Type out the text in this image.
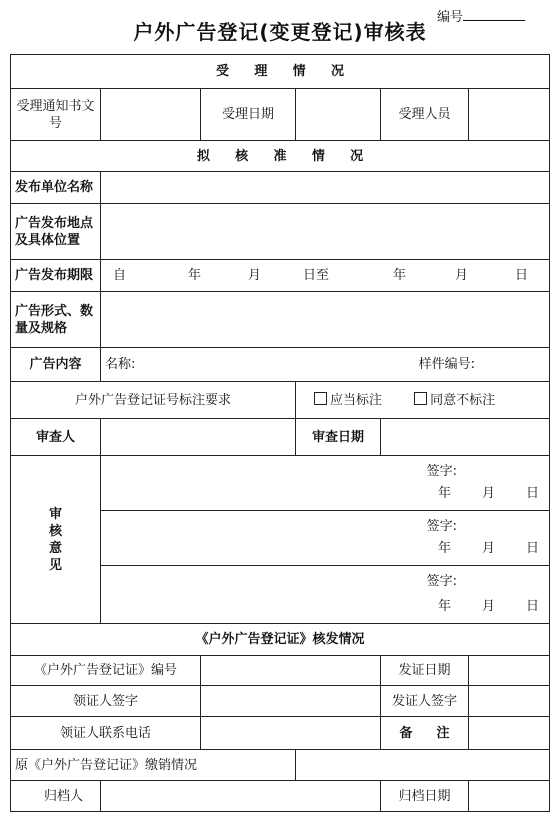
编号
户外广告登记(变更登记)审核表
受 理 情 况					
受理通知书文 号		受理日期		受理人员	
拟 核 准 情 况					
发布单位名称					
广告发布地点及具体位置					
广告发布期限	自 年 月 日至 年 月 日				
广告形式、数量及规格					
广告内容	名称: 样件编号:				

户外广告登记证号标注要求			应当标注 同意不标注		
审查人			审查日期		

审
核
意
见	签字:
年 月 日				

	签字:
年 月 日				

	签字:
年 月 日				

《户外广告登记证》核发情况					
《户外广告登记证》编号				发证日期	
领证人签字				发证人签字	
领证人联系电话				备 注	
原《户外广告登记证》缴销情况					
归档人				归档日期	
